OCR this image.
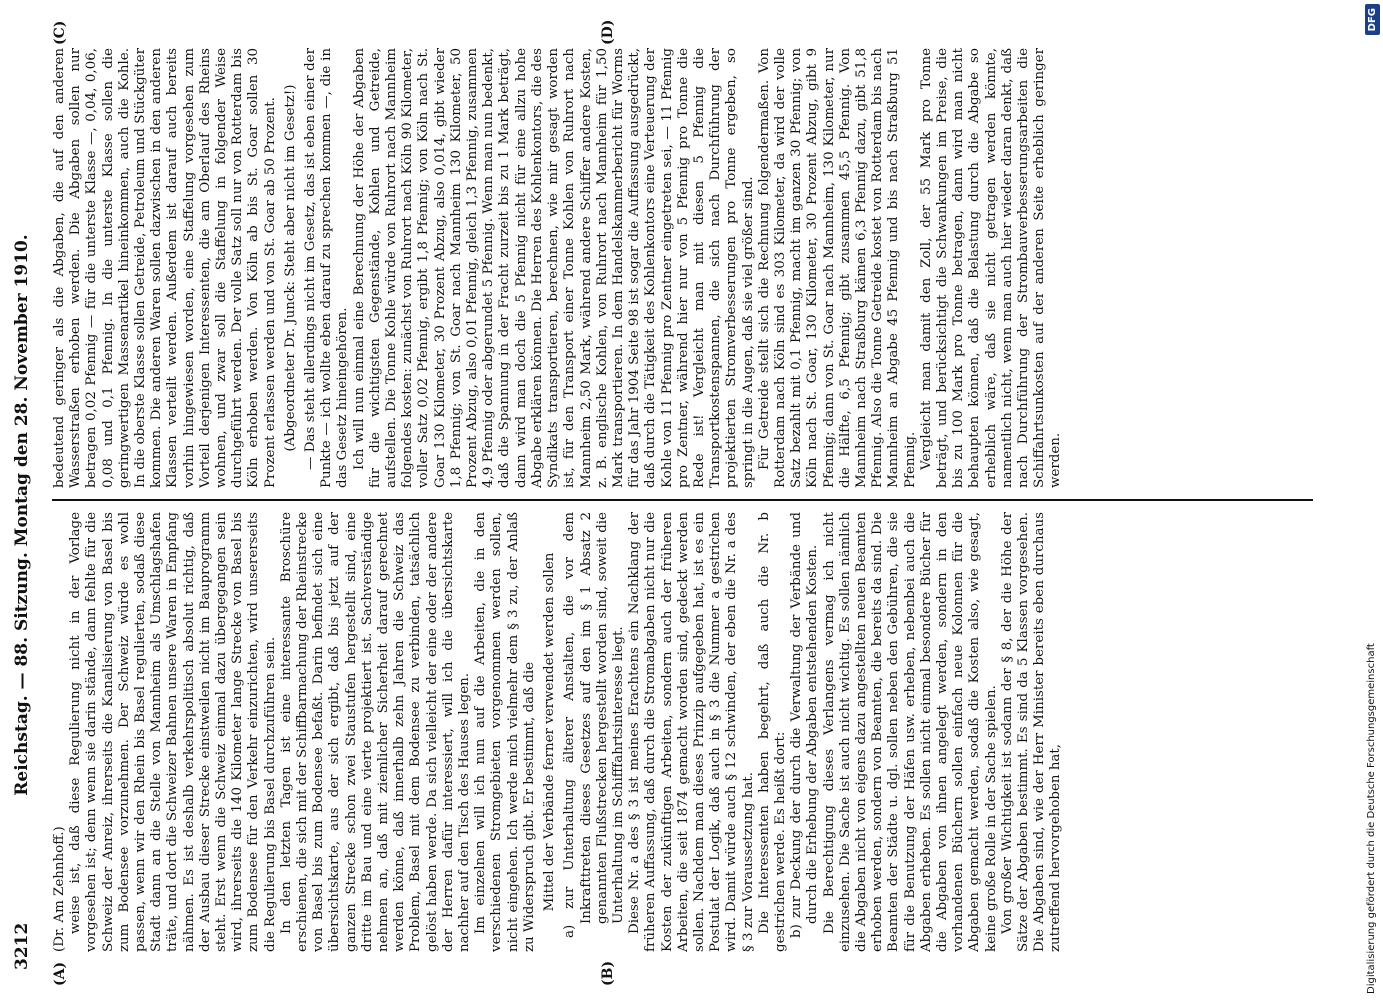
3212
Reichstag. — 88. Sitzung. Montag den 28. November 1910.
(A)	(B)
(C)	(D)

(Dr. Am Zehnhoff.) weise ist, daß diese Regulierung nicht in der Vorlage vorgesehen ist; denn wenn sie darin stände, dann fehlte für die Schweiz der Anreiz, ihrerseits die Kanalisierung von Basel bis zum Bodensee vorzunehmen. Der Schweiz würde es wohl passen, wenn wir den Rhein bis Basel regulierten, sodaß diese Stadt dann an die Stelle von Mannheim als Umschlagshafen träte, und dort die Schweizer Bahnen unsere Waren in Empfang nähmen. Es ist deshalb verkehrspolitisch absolut richtig, daß der Ausbau dieser Strecke einstweilen nicht im Bauprogramm steht. Erst wenn die Schweiz einmal dazu übergegangen sein wird, ihrerseits die 140 Kilometer lange Strecke von Basel bis zum Bodensee für den Verkehr einzurichten, wird unsererseits die Regulierung bis Basel durchzuführen sein. In den letzten Tagen ist eine interessante Broschüre erschienen, die sich mit der Schiffbarmachung der Rheinstrecke von Basel bis zum Bodensee befaßt. Darin befindet sich eine übersichtskarte, aus der sich ergibt, daß bis jetzt auf der ganzen Strecke schon zwei Staustufen hergestellt sind, eine dritte im Bau und eine vierte projektiert ist. Sachverständige nehmen an, daß mit ziemlicher Sicherheit darauf gerechnet werden könne, daß innerhalb zehn Jahren die Schweiz das Problem, Basel mit dem Bodensee zu verbinden, tatsächlich gelöst haben werde. Da sich vielleicht der eine oder der andere der Herren dafür interessiert, will ich die übersichtskarte nachher auf den Tisch des Hauses legen. Im einzelnen will ich nun auf die Arbeiten, die in den verschiedenen Stromgebieten vorgenommen werden sollen, nicht eingehen. Ich werde mich vielmehr dem § 3 zu, der Anlaß zu Widerspruch gibt. Er bestimmt, daß die Mittel der Verbände ferner verwendet werden sollen a) zur Unterhaltung älterer Anstalten, die vor dem Inkrafttreten dieses Gesetzes auf den im § 1 Absatz 2 genannten Flußstrecken hergestellt worden sind, soweit die Unterhaltung im Schifffahrtsinteresse liegt. Diese Nr. a des § 3 ist meines Erachtens ein Nachklang der früheren Auffassung, daß durch die Stromabgaben nicht nur die Kosten der zukünftigen Arbeiten, sondern auch der früheren Arbeiten, die seit 1874 gemacht worden sind, gedeckt werden sollen. Nachdem man dieses Prinzip aufgegeben hat, ist es ein Postulat der Logik, daß auch in § 3 die Nummer a gestrichen wird. Damit würde auch § 12 schwinden, der eben die Nr. a des § 3 zur Voraussetzung hat. Die Interessenten haben begehrt, daß auch die Nr. b gestrichen werde. Es heißt dort: b) zur Deckung der durch die Verwaltung der Verbände und durch die Erhebung der Abgaben entstehenden Kosten. Die Berechtigung dieses Verlangens vermag ich nicht einzusehen. Die Sache ist auch nicht wichtig. Es sollen nämlich die Abgaben nicht von eigens dazu angestellten neuen Beamten erhoben werden, sondern von Beamten, die bereits da sind. Die Beamten der Städte u. dgl. sollen neben den Gebühren, die sie für die Benutzung der Häfen usw. erheben, nebenbei auch die Abgaben erheben. Es sollen nicht einmal besondere Bücher für die Abgaben von ihnen angelegt werden, sondern in den vorhandenen Büchern sollen einfach neue Kolonnen für die Abgaben gemacht werden, sodaß die Kosten also, wie gesagt, keine große Rolle in der Sache spielen. Von großer Wichtigkeit ist sodann der § 8, der die Höhe der Sätze der Abgaben bestimmt. Es sind da 5 Klassen vorgesehen. Die Abgaben sind, wie der Herr Minister bereits eben durchaus zutreffend hervorgehoben hat,

bedeutend geringer als die Abgaben, die auf den anderen Wasserstraßen erhoben werden. Die Abgaben sollen nur betragen 0,02 Pfennig — für die unterste Klasse —, 0,04, 0,06, 0,08 und 0,1 Pfennig. In die unterste Klasse sollen die geringwertigen Massenartikel hineinkommen, auch die Kohle. In die oberste Klasse sollen Getreide, Petroleum und Stückgüter kommen. Die anderen Waren sollen dazwischen in den anderen Klassen verteilt werden. Außerdem ist darauf auch bereits vorhin hingewiesen worden, eine Staffelung vorgesehen zum Vorteil derjenigen Interessenten, die am Oberlauf des Rheins wohnen, und zwar soll die Staffelung in folgender Weise durchgeführt werden. Der volle Satz soll nur von Rotterdam bis Köln erhoben werden. Von Köln ab bis St. Goar sollen 30 Prozent erlassen werden und von St. Goar ab 50 Prozent. (Abgeordneter Dr. Junck: Steht aber nicht im Gesetz!) — Das steht allerdings nicht im Gesetz, das ist eben einer der Punkte — ich wollte eben darauf zu sprechen kommen —, die in das Gesetz hineingehören. Ich will nun einmal eine Berechnung der Höhe der Abgaben für die wichtigsten Gegenstände, Kohlen und Getreide, aufstellen. Die Tonne Kohle würde von Ruhrort nach Mannheim folgendes kosten: zunächst von Ruhrort nach Köln 90 Kilometer, voller Satz 0,02 Pfennig, ergibt 1,8 Pfennig; von Köln nach St. Goar 130 Kilometer, 30 Prozent Abzug, also 0,014, gibt wieder 1,8 Pfennig; von St. Goar nach Mannheim 130 Kilometer, 50 Prozent Abzug, also 0,01 Pfennig, gleich 1,3 Pfennig, zusammen 4,9 Pfennig oder abgerundet 5 Pfennig. Wenn man nun bedenkt, daß die Spannung in der Fracht zurzeit bis zu 1 Mark beträgt, dann wird man doch die 5 Pfennig nicht für eine allzu hohe Abgabe erklären können. Die Herren des Kohlenkontors, die des Syndikats transportieren, berechnen, wie mir gesagt worden ist, für den Transport einer Tonne Kohlen von Ruhrort nach Mannheim 2,50 Mark, während andere Schiffer andere Kosten, z. B. englische Kohlen, von Ruhrort nach Mannheim für 1,50 Mark transportieren. In dem Handelskammerbericht für Worms für das Jahr 1904 Seite 98 ist sogar die Auffassung ausgedrückt, daß durch die Tätigkeit des Kohlenkontors eine Verteuerung der Kohle von 11 Pfennig pro Zentner eingetreten sei, — 11 Pfennig pro Zentner, während hier nur von 5 Pfennig pro Tonne die Rede ist! Vergleicht man mit diesen 5 Pfennig die Transportkostenspannen, die sich nach Durchführung der projektierten Stromverbesserungen pro Tonne ergeben, so springt in die Augen, daß sie viel größer sind. Für Getreide stellt sich die Rechnung folgendermaßen. Von Rotterdam nach Köln sind es 303 Kilometer, da wird der volle Satz bezahlt mit 0,1 Pfennig, macht im ganzen 30 Pfennig; von Köln nach St. Goar, 130 Kilometer, 30 Prozent Abzug, gibt 9 Pfennig; dann von St. Goar nach Mannheim, 130 Kilometer, nur die Hälfte, 6,5 Pfennig; gibt zusammen 45,5 Pfennig. Von Mannheim nach Straßburg kämen 6,3 Pfennig dazu, gibt 51,8 Pfennig. Also die Tonne Getreide kostet von Rotterdam bis nach Mannheim an Abgabe 45 Pfennig und bis nach Straßburg 51 Pfennig. Vergleicht man damit den Zoll, der 55 Mark pro Tonne beträgt, und berücksichtigt die Schwankungen im Preise, die bis zu 100 Mark pro Tonne betragen, dann wird man nicht behaupten können, daß die Belastung durch die Abgabe so erheblich wäre, daß sie nicht getragen werden könnte, namentlich nicht, wenn man auch hier wieder daran denkt, daß nach Durchführung der Strombauverbesserungsarbeiten die Schiffahrtsunkosten auf der anderen Seite erheblich geringer werden.

Digitalisierung gefördert durch die Deutsche Forschungsgemeinschaft
DFG
